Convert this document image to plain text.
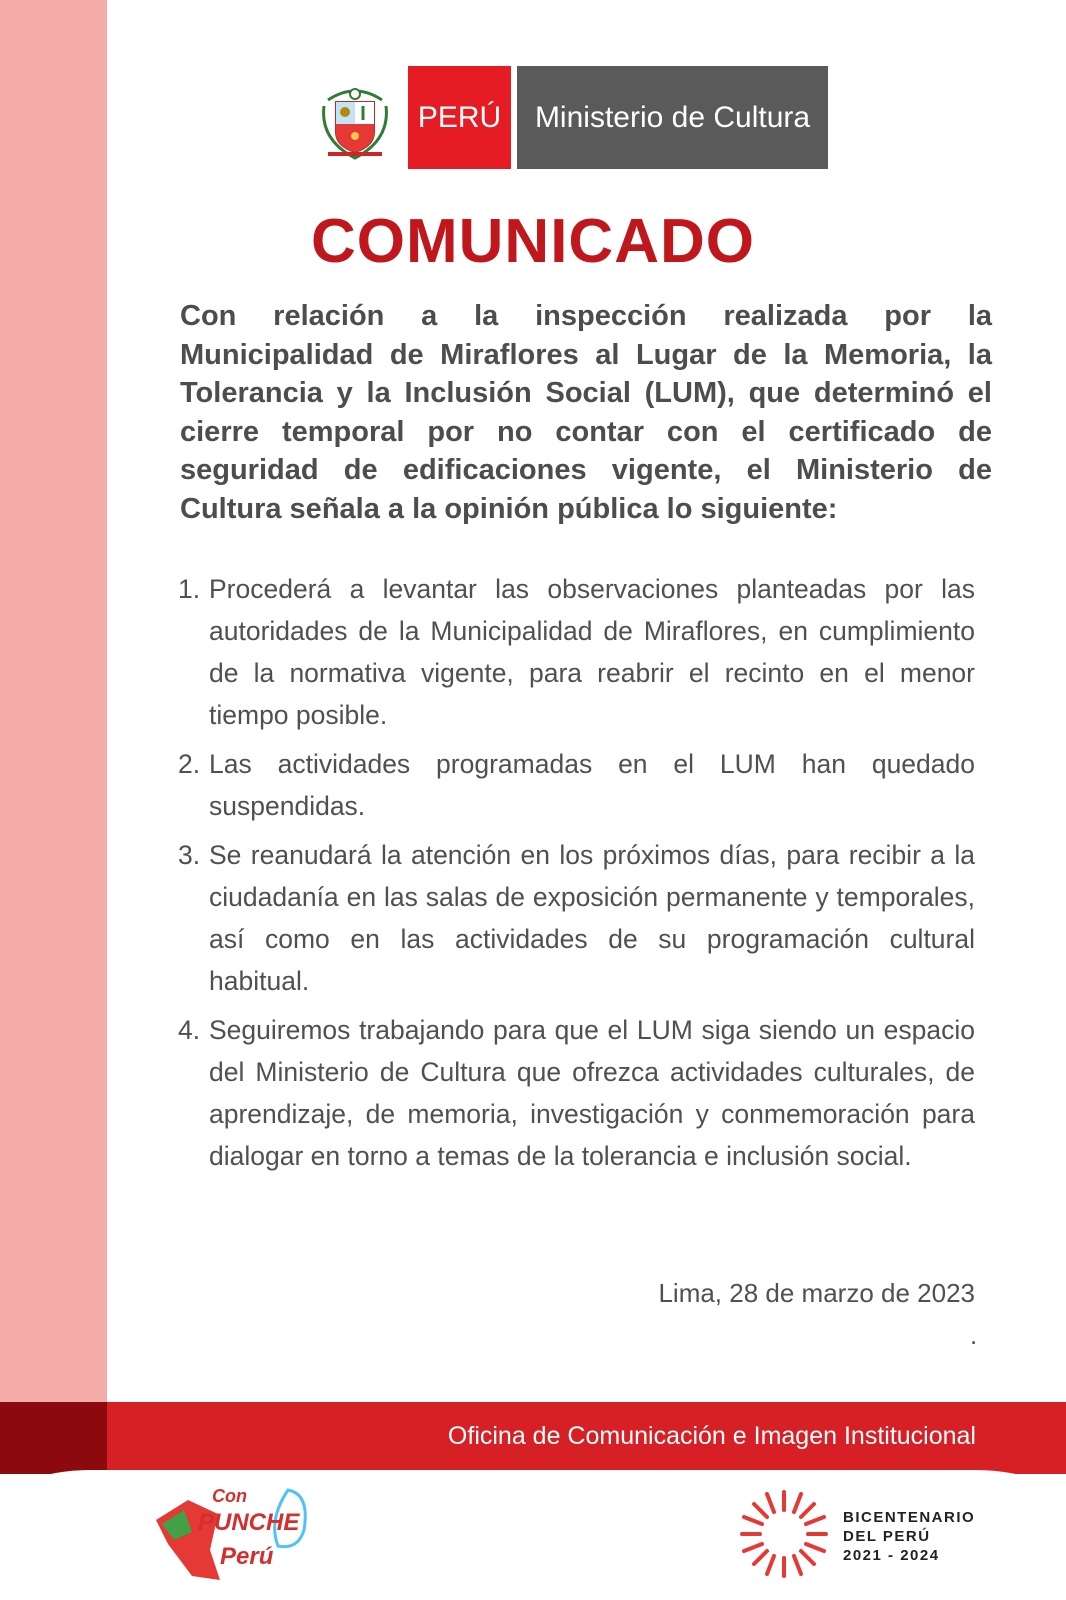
PERÚ	Ministerio de Cultura
COMUNICADO
Con relación a la inspección realizada por la Municipalidad de Miraflores al Lugar de la Memoria, la Tolerancia y la Inclusión Social (LUM), que determinó el cierre temporal por no contar con el certificado de seguridad de edificaciones vigente, el Ministerio de Cultura señala a la opinión pública lo siguiente:
1. Procederá a levantar las observaciones planteadas por las autoridades de la Municipalidad de Miraflores, en cumplimiento de la normativa vigente, para reabrir el recinto en el menor tiempo posible.
2. Las actividades programadas en el LUM han quedado suspendidas.
3. Se reanudará la atención en los próximos días, para recibir a la ciudadanía en las salas de exposición permanente y temporales, así como en las actividades de su programación cultural habitual.
4. Seguiremos trabajando para que el LUM siga siendo un espacio del Ministerio de Cultura que ofrezca actividades culturales, de aprendizaje, de memoria, investigación y conmemoración para dialogar en torno a temas de la tolerancia e inclusión social.
Lima, 28 de marzo de 2023
.
Oficina de Comunicación e Imagen Institucional
Con
PUNCHE
Perú
BICENTENARIO
DEL PERÚ
2021 - 2024
